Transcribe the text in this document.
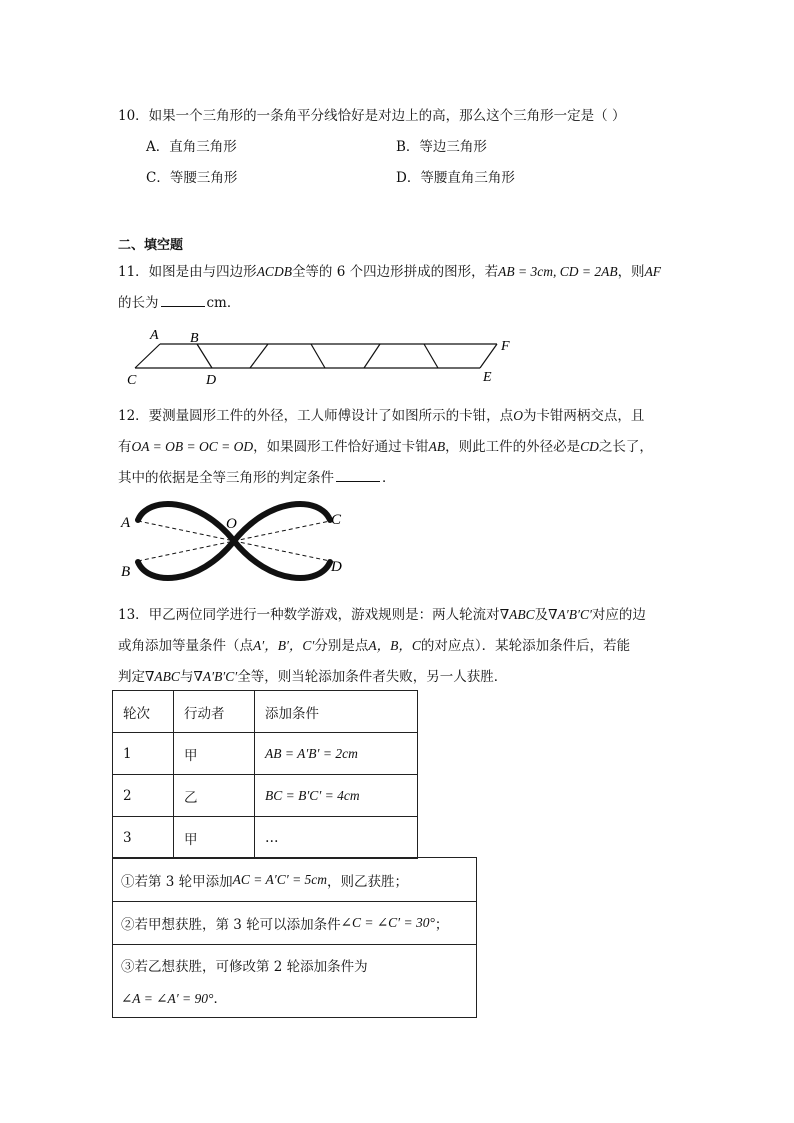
10．如果一个三角形的一条角平分线恰好是对边上的高，那么这个三角形一定是（ ）
A．直角三角形	B．等边三角形
C．等腰三角形	D．等腰直角三角形
二、填空题
11．如图是由与四边形ACDB全等的 6 个四边形拼成的图形，若AB = 3cm, CD = 2AB，则AF
的长为	cm．
A B
C	D	E
F
12．要测量圆形工件的外径，工人师傅设计了如图所示的卡钳，点O为卡钳两柄交点，且
有OA = OB = OC = OD，如果圆形工件恰好通过卡钳AB，则此工件的外径必是CD之长了，
其中的依据是全等三角形的判定条件	．
A
B
C
D
O
13．甲乙两位同学进行一种数学游戏，游戏规则是：两人轮流对∇ABC及∇A′B′C′对应的边
或角添加等量条件（点A′，B′，C′分别是点A，B，C的对应点）．某轮添加条件后，若能
判定∇ABC与∇A′B′C′全等，则当轮添加条件者失败，另一人获胜．
轮次	行动者	添加条件
1	甲	AB = A′B′ = 2cm
2	乙	BC = B′C′ = 4cm
3	甲	…
①若第 3 轮甲添加 AC = A′C′ = 5cm ，则乙获胜；
②若甲想获胜，第 3 轮可以添加条件 ∠C = ∠C′ = 30° ；
③若乙想获胜，可修改第 2 轮添加条件为
∠A = ∠A′ = 90°．
